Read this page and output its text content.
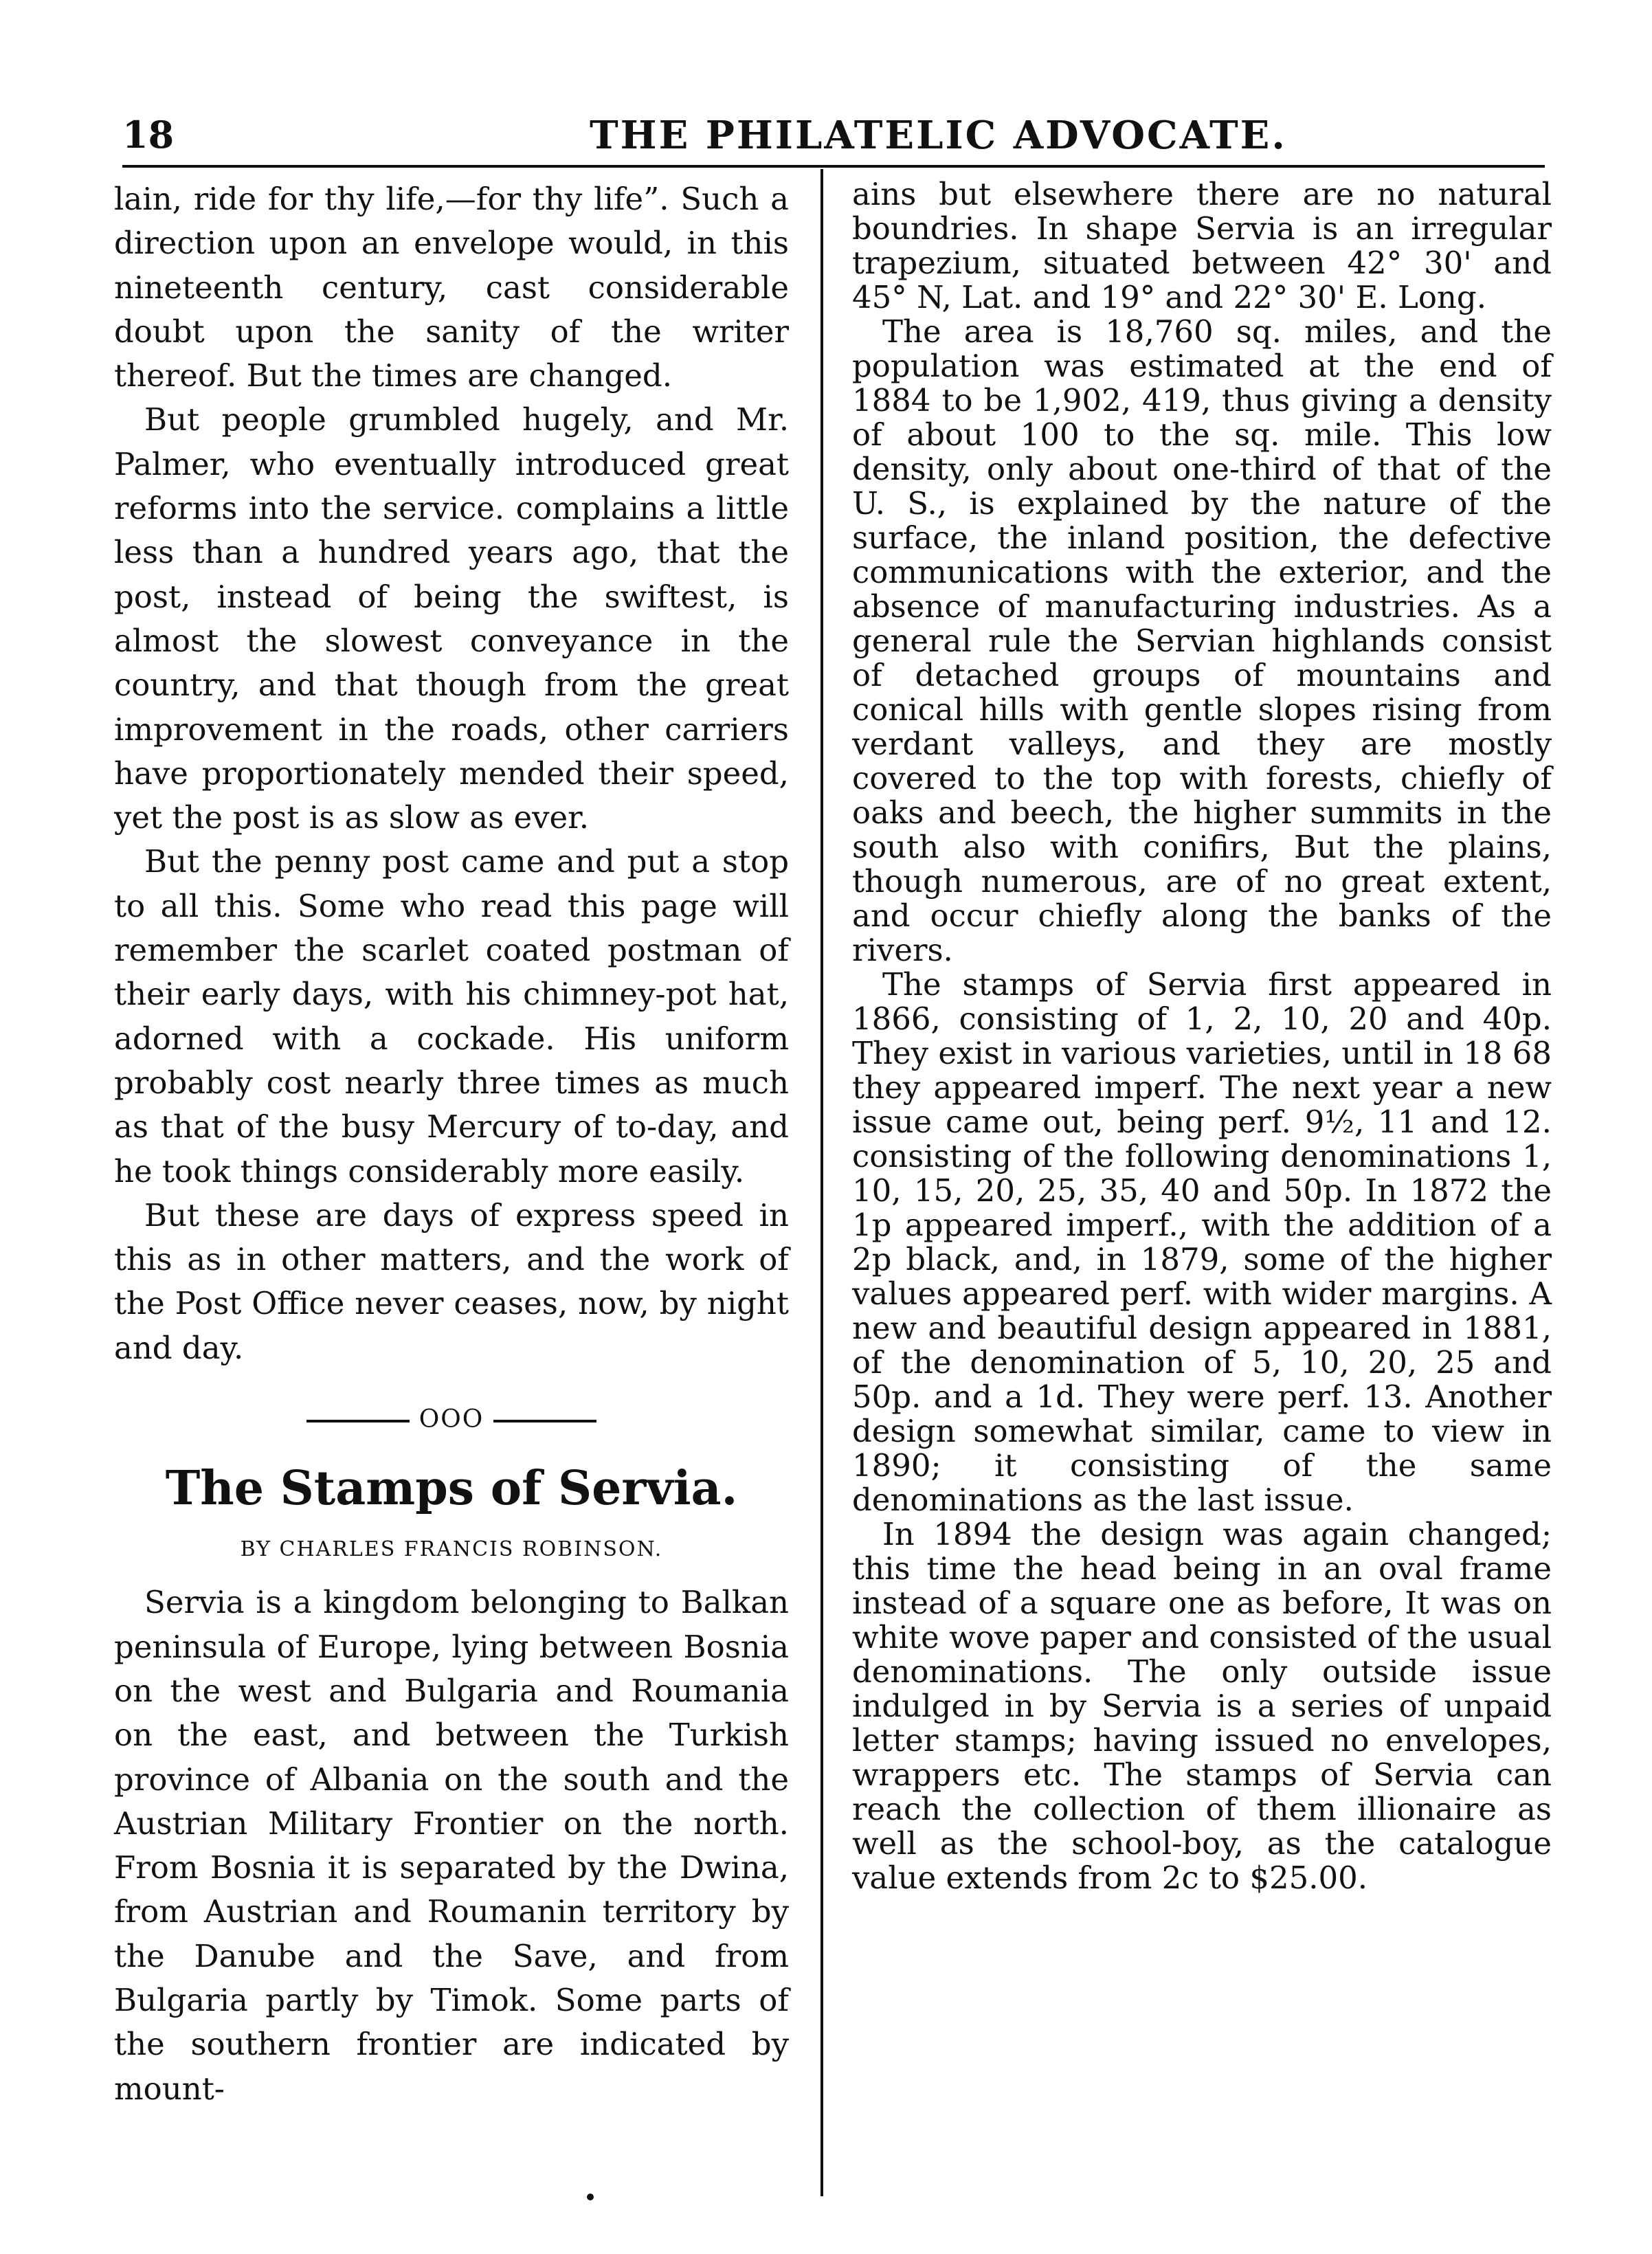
18	THE PHILATELIC ADVOCATE.

lain, ride for thy life,—for thy life”. Such a direction upon an envelope would, in this nineteenth century, cast considerable doubt upon the sanity of the writer thereof. But the times are changed.

But people grumbled hugely, and Mr. Palmer, who eventually introduced great reforms into the service. complains a little less than a hundred years ago, that the post, instead of being the swiftest, is almost the slowest conveyance in the country, and that though from the great improvement in the roads, other carriers have proportionately mended their speed, yet the post is as slow as ever.

But the penny post came and put a stop to all this. Some who read this page will remember the scarlet coated postman of their early days, with his chimney-pot hat, adorned with a cockade. His uniform probably cost nearly three times as much as that of the busy Mercury of to-day, and he took things considerably more easily.

But these are days of express speed in this as in other matters, and the work of the Post Office never ceases, now, by night and day.

OOO
The Stamps of Servia.
BY CHARLES FRANCIS ROBINSON.

Servia is a kingdom belonging to Balkan peninsula of Europe, lying between Bosnia on the west and Bulgaria and Roumania on the east, and between the Turkish province of Albania on the south and the Austrian Military Frontier on the north. From Bosnia it is separated by the Dwina, from Austrian and Roumanin territory by the Danube and the Save, and from Bulgaria partly by Timok. Some parts of the southern frontier are indicated by mount-

ains but elsewhere there are no natural boundries. In shape Servia is an irregular trapezium, situated between 42° 30' and 45° N, Lat. and 19° and 22° 30' E. Long.

The area is 18,760 sq. miles, and the population was estimated at the end of 1884 to be 1,902, 419, thus giving a density of about 100 to the sq. mile. This low density, only about one-third of that of the U. S., is explained by the nature of the surface, the inland position, the defective communications with the exterior, and the absence of manufacturing industries. As a general rule the Servian highlands consist of detached groups of mountains and conical hills with gentle slopes rising from verdant valleys, and they are mostly covered to the top with forests, chiefly of oaks and beech, the higher summits in the south also with conifirs, But the plains, though numerous, are of no great extent, and occur chiefly along the banks of the rivers.

The stamps of Servia first appeared in 1866, consisting of 1, 2, 10, 20 and 40p. They exist in various varieties, until in 18 68 they appeared imperf. The next year a new issue came out, being perf. 9½, 11 and 12. consisting of the following denominations 1, 10, 15, 20, 25, 35, 40 and 50p. In 1872 the 1p appeared imperf., with the addition of a 2p black, and, in 1879, some of the higher values appeared perf. with wider margins. A new and beautiful design appeared in 1881, of the denomination of 5, 10, 20, 25 and 50p. and a 1d. They were perf. 13. Another design somewhat similar, came to view in 1890; it consisting of the same denominations as the last issue.

In 1894 the design was again changed; this time the head being in an oval frame instead of a square one as before, It was on white wove paper and consisted of the usual denominations. The only outside issue indulged in by Servia is a series of unpaid letter stamps; having issued no envelopes, wrappers etc. The stamps of Servia can reach the collection of them illionaire as well as the school-boy, as the catalogue value extends from 2c to $25.00.
